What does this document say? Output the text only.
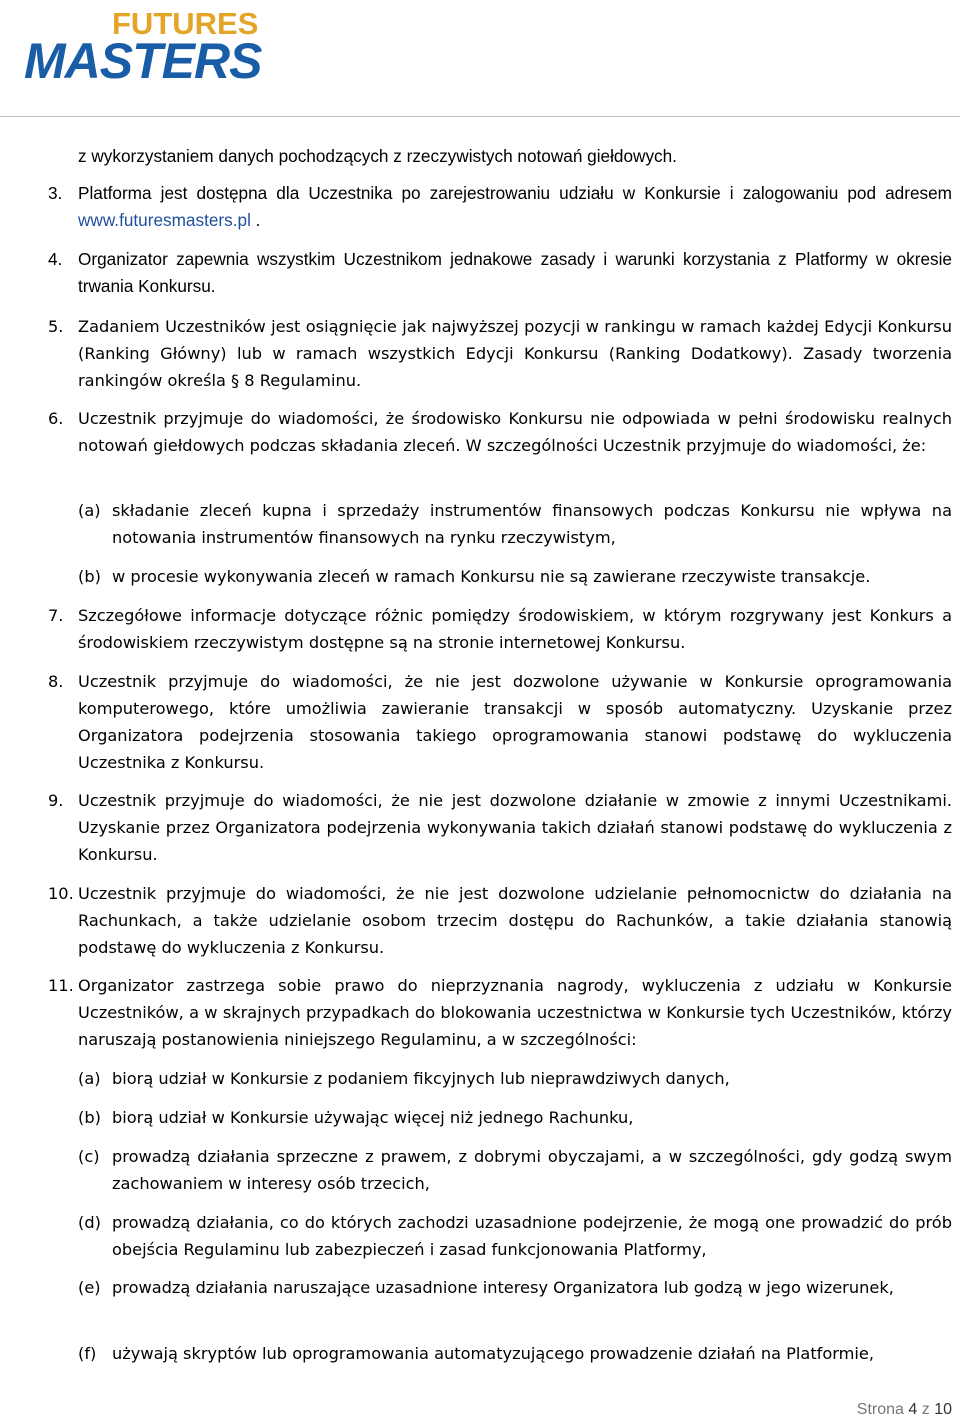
FUTURES
MASTERS
z wykorzystaniem danych pochodzących z rzeczywistych notowań giełdowych.
3. Platforma jest dostępna dla Uczestnika po zarejestrowaniu udziału w Konkursie i zalogowaniu pod adresem www.futuresmasters.pl .
4. Organizator zapewnia wszystkim Uczestnikom jednakowe zasady i warunki korzystania z Platformy w okresie trwania Konkursu.
5. Zadaniem Uczestników jest osiągnięcie jak najwyższej pozycji w rankingu w ramach każdej Edycji Konkursu (Ranking Główny) lub w ramach wszystkich Edycji Konkursu (Ranking Dodatkowy). Zasady tworzenia rankingów określa § 8 Regulaminu.
6. Uczestnik przyjmuje do wiadomości, że środowisko Konkursu nie odpowiada w pełni środowisku realnych notowań giełdowych podczas składania zleceń. W szczególności Uczestnik przyjmuje do wiadomości, że:
(a) składanie zleceń kupna i sprzedaży instrumentów finansowych podczas Konkursu nie wpływa na notowania instrumentów finansowych na rynku rzeczywistym,
(b) w procesie wykonywania zleceń w ramach Konkursu nie są zawierane rzeczywiste transakcje.
7. Szczegółowe informacje dotyczące różnic pomiędzy środowiskiem, w którym rozgrywany jest Konkurs a środowiskiem rzeczywistym dostępne są na stronie internetowej Konkursu.
8. Uczestnik przyjmuje do wiadomości, że nie jest dozwolone używanie w Konkursie oprogramowania komputerowego, które umożliwia zawieranie transakcji w sposób automatyczny. Uzyskanie przez Organizatora podejrzenia stosowania takiego oprogramowania stanowi podstawę do wykluczenia Uczestnika z Konkursu.
9. Uczestnik przyjmuje do wiadomości, że nie jest dozwolone działanie w zmowie z innymi Uczestnikami. Uzyskanie przez Organizatora podejrzenia wykonywania takich działań stanowi podstawę do wykluczenia z Konkursu.
10. Uczestnik przyjmuje do wiadomości, że nie jest dozwolone udzielanie pełnomocnictw do działania na Rachunkach, a także udzielanie osobom trzecim dostępu do Rachunków, a takie działania stanowią podstawę do wykluczenia z Konkursu.
11. Organizator zastrzega sobie prawo do nieprzyznania nagrody, wykluczenia z udziału w Konkursie Uczestników, a w skrajnych przypadkach do blokowania uczestnictwa w Konkursie tych Uczestników, którzy naruszają postanowienia niniejszego Regulaminu, a w szczególności:
(a) biorą udział w Konkursie z podaniem fikcyjnych lub nieprawdziwych danych,
(b) biorą udział w Konkursie używając więcej niż jednego Rachunku,
(c) prowadzą działania sprzeczne z prawem, z dobrymi obyczajami, a w szczególności, gdy godzą swym zachowaniem w interesy osób trzecich,
(d) prowadzą działania, co do których zachodzi uzasadnione podejrzenie, że mogą one prowadzić do prób obejścia Regulaminu lub zabezpieczeń i zasad funkcjonowania Platformy,
(e) prowadzą działania naruszające uzasadnione interesy Organizatora lub godzą w jego wizerunek,
(f) używają skryptów lub oprogramowania automatyzującego prowadzenie działań na Platformie,
Strona 4 z 10
